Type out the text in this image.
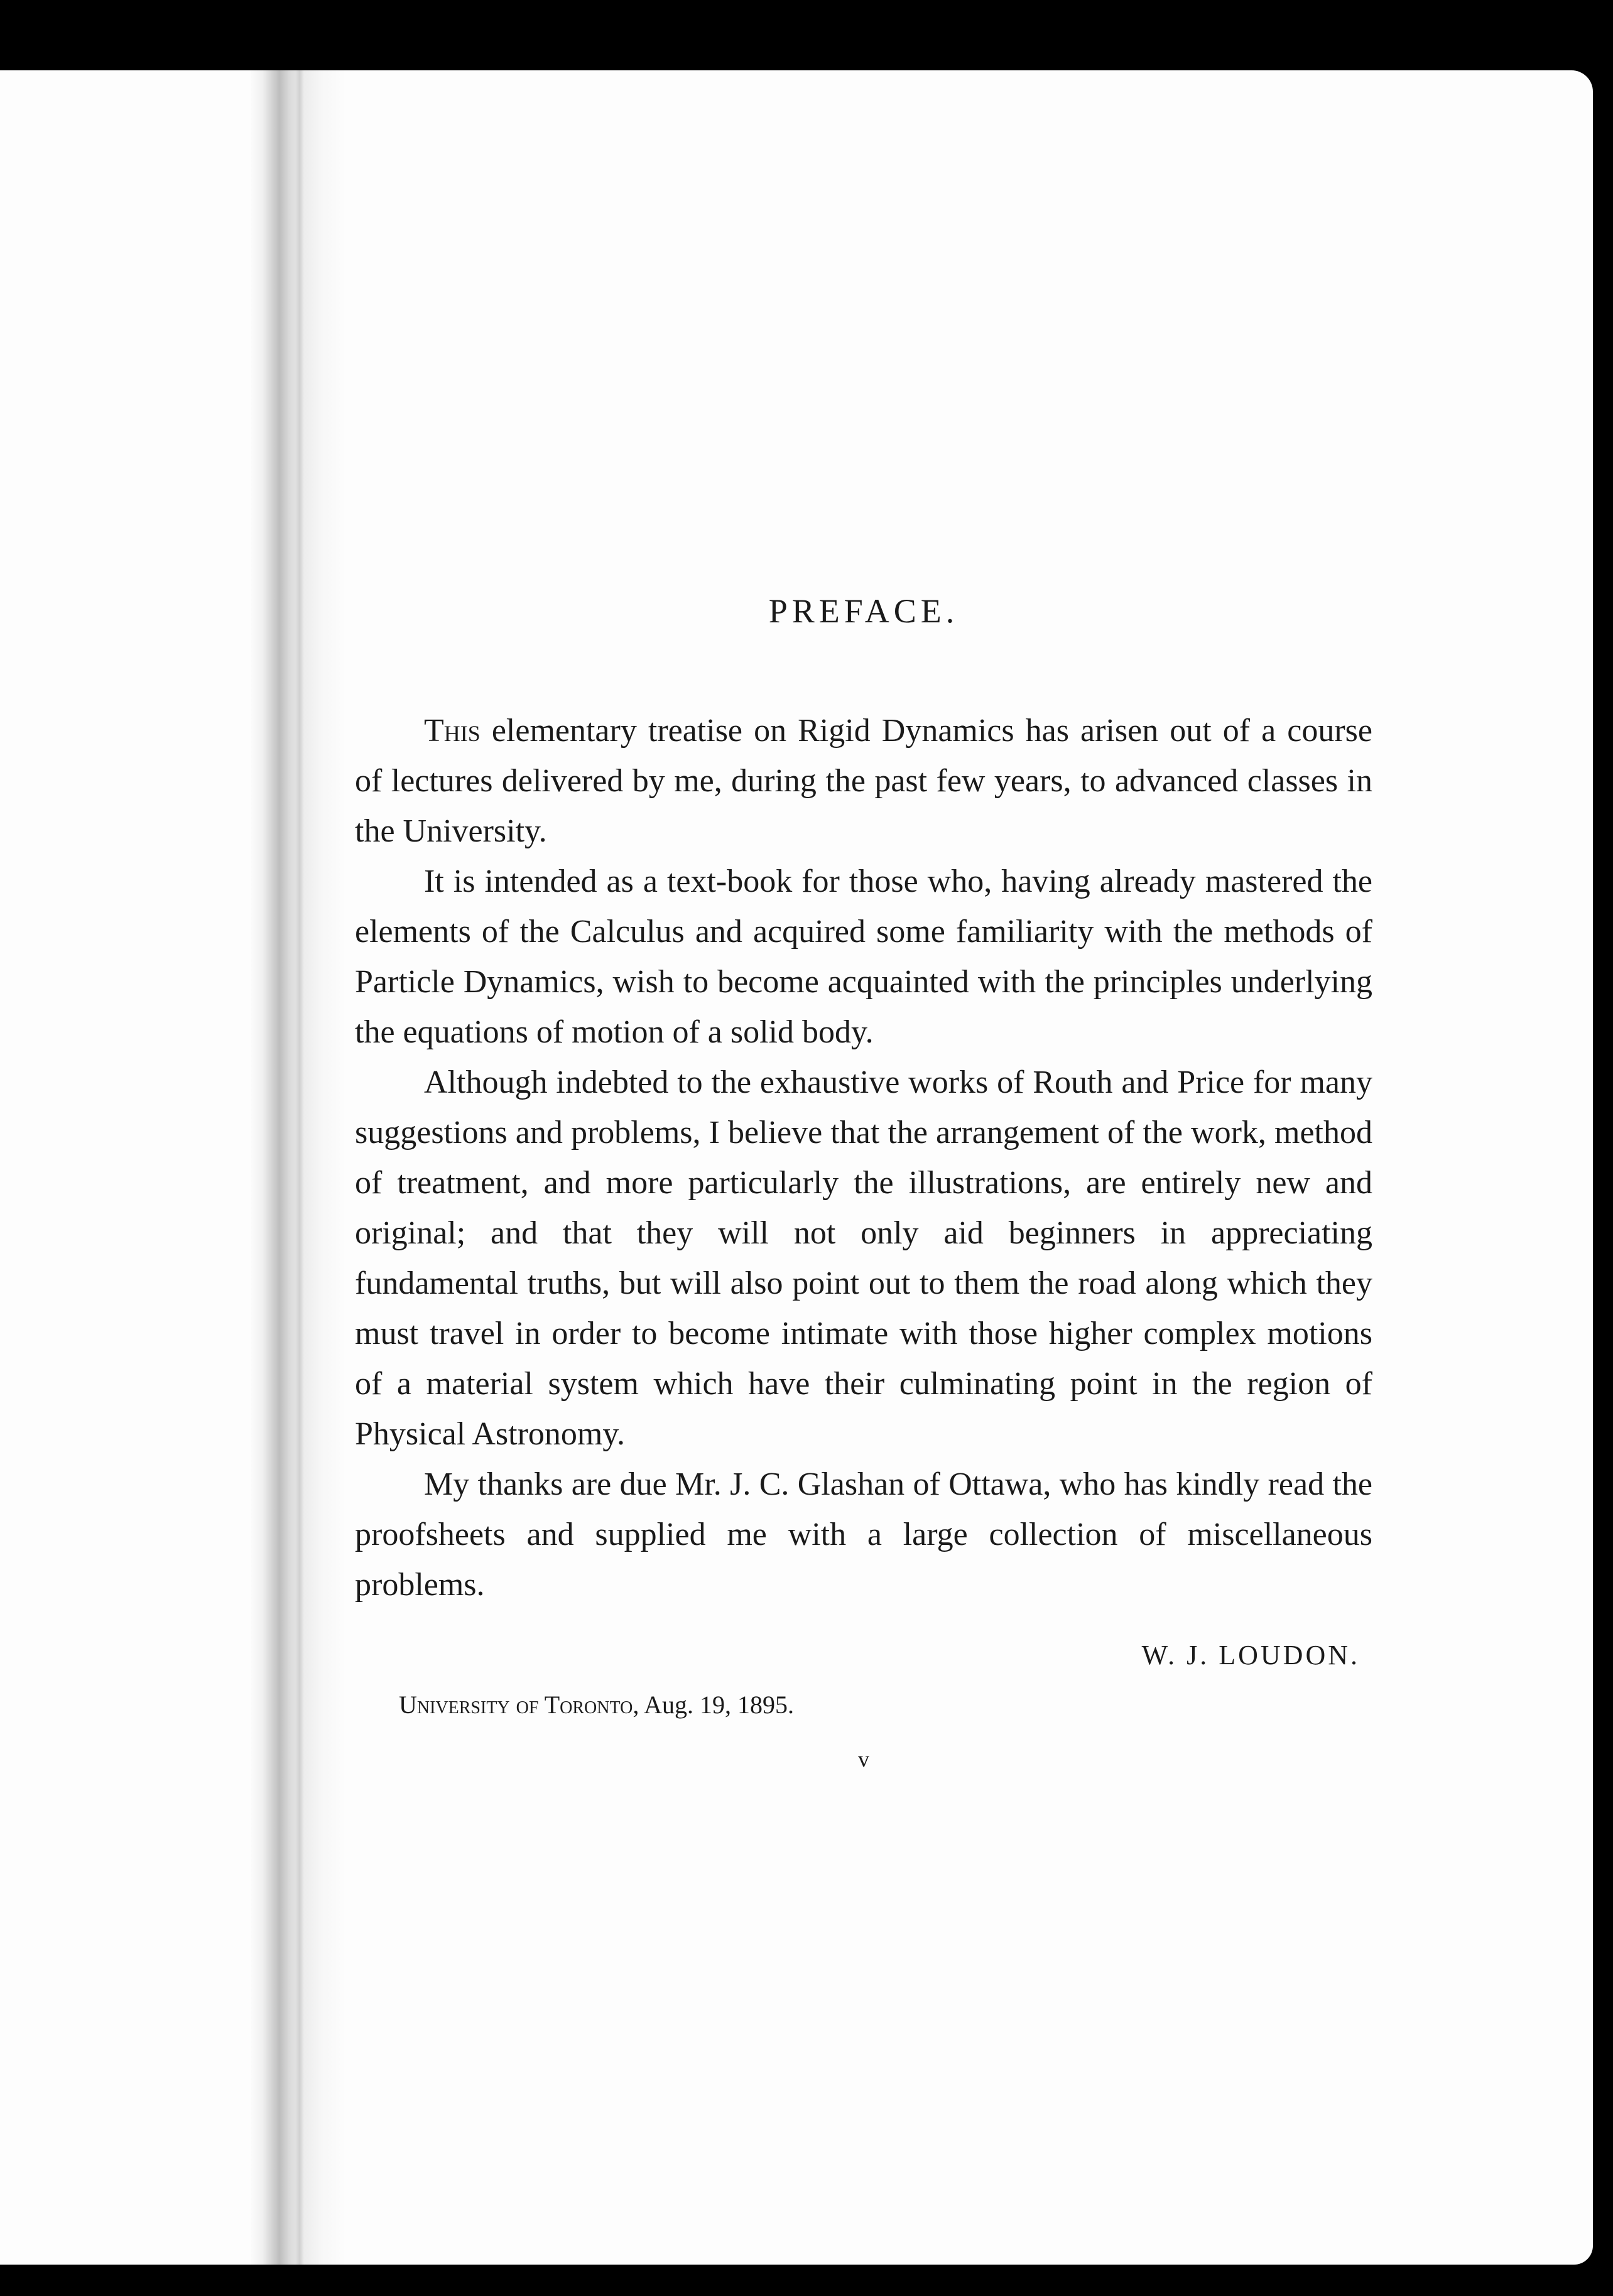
PREFACE.

This elementary treatise on Rigid Dynamics has arisen out of a course of lectures delivered by me, during the past few years, to advanced classes in the University.

It is intended as a text-book for those who, having already mastered the elements of the Calculus and acquired some familiarity with the methods of Particle Dynamics, wish to become acquainted with the principles underlying the equations of motion of a solid body.

Although indebted to the exhaustive works of Routh and Price for many suggestions and problems, I believe that the arrangement of the work, method of treatment, and more particularly the illustrations, are entirely new and original; and that they will not only aid beginners in appreciating fundamental truths, but will also point out to them the road along which they must travel in order to become intimate with those higher complex motions of a material system which have their culminating point in the region of Physical Astronomy.

My thanks are due Mr. J. C. Glashan of Ottawa, who has kindly read the proofsheets and supplied me with a large collection of miscellaneous problems.

W. J. LOUDON.
University of Toronto, Aug. 19, 1895.
v
